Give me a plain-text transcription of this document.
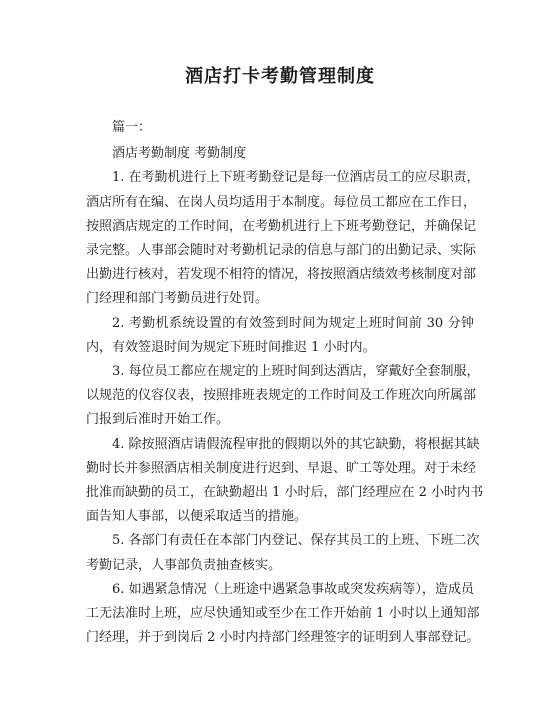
酒店打卡考勤管理制度
篇一：
酒店考勤制度 考勤制度
1. 在考勤机进行上下班考勤登记是每一位酒店员工的应尽职责，
酒店所有在编、在岗人员均适用于本制度。每位员工都应在工作日，
按照酒店规定的工作时间，在考勤机进行上下班考勤登记，并确保记
录完整。人事部会随时对考勤机记录的信息与部门的出勤记录、实际
出勤进行核对，若发现不相符的情况，将按照酒店绩效考核制度对部
门经理和部门考勤员进行处罚。
2. 考勤机系统设置的有效签到时间为规定上班时间前 30 分钟
内，有效签退时间为规定下班时间推迟 1 小时内。
3. 每位员工都应在规定的上班时间到达酒店，穿戴好全套制服，
以规范的仪容仪表，按照排班表规定的工作时间及工作班次向所属部
门报到后准时开始工作。
4. 除按照酒店请假流程审批的假期以外的其它缺勤，将根据其缺
勤时长并参照酒店相关制度进行迟到、早退、旷工等处理。对于未经
批准而缺勤的员工，在缺勤超出 1 小时后，部门经理应在 2 小时内书
面告知人事部，以便采取适当的措施。
5. 各部门有责任在本部门内登记、保存其员工的上班、下班二次
考勤记录，人事部负责抽查核实。
6. 如遇紧急情况（上班途中遇紧急事故或突发疾病等），造成员
工无法准时上班，应尽快通知或至少在工作开始前 1 小时以上通知部
门经理，并于到岗后 2 小时内持部门经理签字的证明到人事部登记。
